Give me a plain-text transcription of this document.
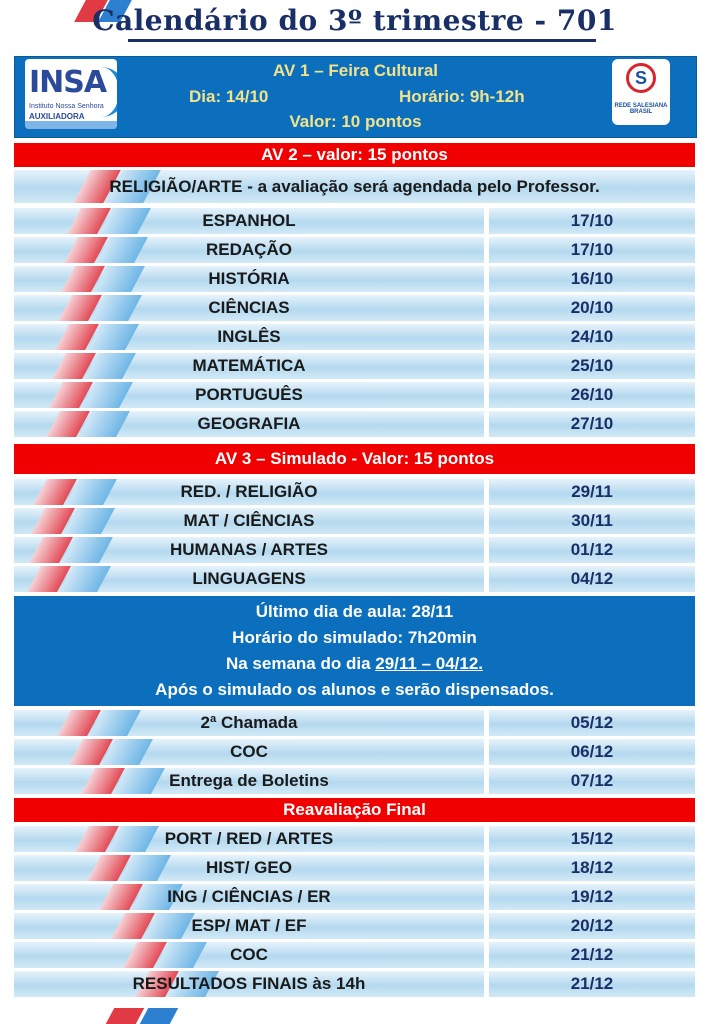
Calendário do 3º trimestre - 701
INSA
Instituto Nossa Senhora
AUXILIADORA
AV 1 – Feira Cultural
Dia: 14/10	Horário: 9h-12h
Valor: 10 pontos
S
REDE SALESIANA BRASIL
AV 2 – valor: 15 pontos
RELIGIÃO/ARTE - a avaliação será agendada pelo Professor.
ESPANHOL	17/10
REDAÇÃO	17/10
HISTÓRIA	16/10
CIÊNCIAS	20/10
INGLÊS	24/10
MATEMÁTICA	25/10
PORTUGUÊS	26/10
GEOGRAFIA	27/10
AV 3 – Simulado - Valor: 15 pontos
RED. / RELIGIÃO	29/11
MAT / CIÊNCIAS	30/11
HUMANAS / ARTES	01/12
LINGUAGENS	04/12
Último dia de aula: 28/11
Horário do simulado: 7h20min
Na semana do dia 29/11 – 04/12.
Após o simulado os alunos e serão dispensados.
2ª Chamada	05/12
COC	06/12
Entrega de Boletins	07/12
Reavaliação Final
PORT / RED / ARTES	15/12
HIST/ GEO	18/12
ING / CIÊNCIAS / ER	19/12
ESP/ MAT / EF	20/12
COC	21/12
RESULTADOS FINAIS às 14h	21/12
